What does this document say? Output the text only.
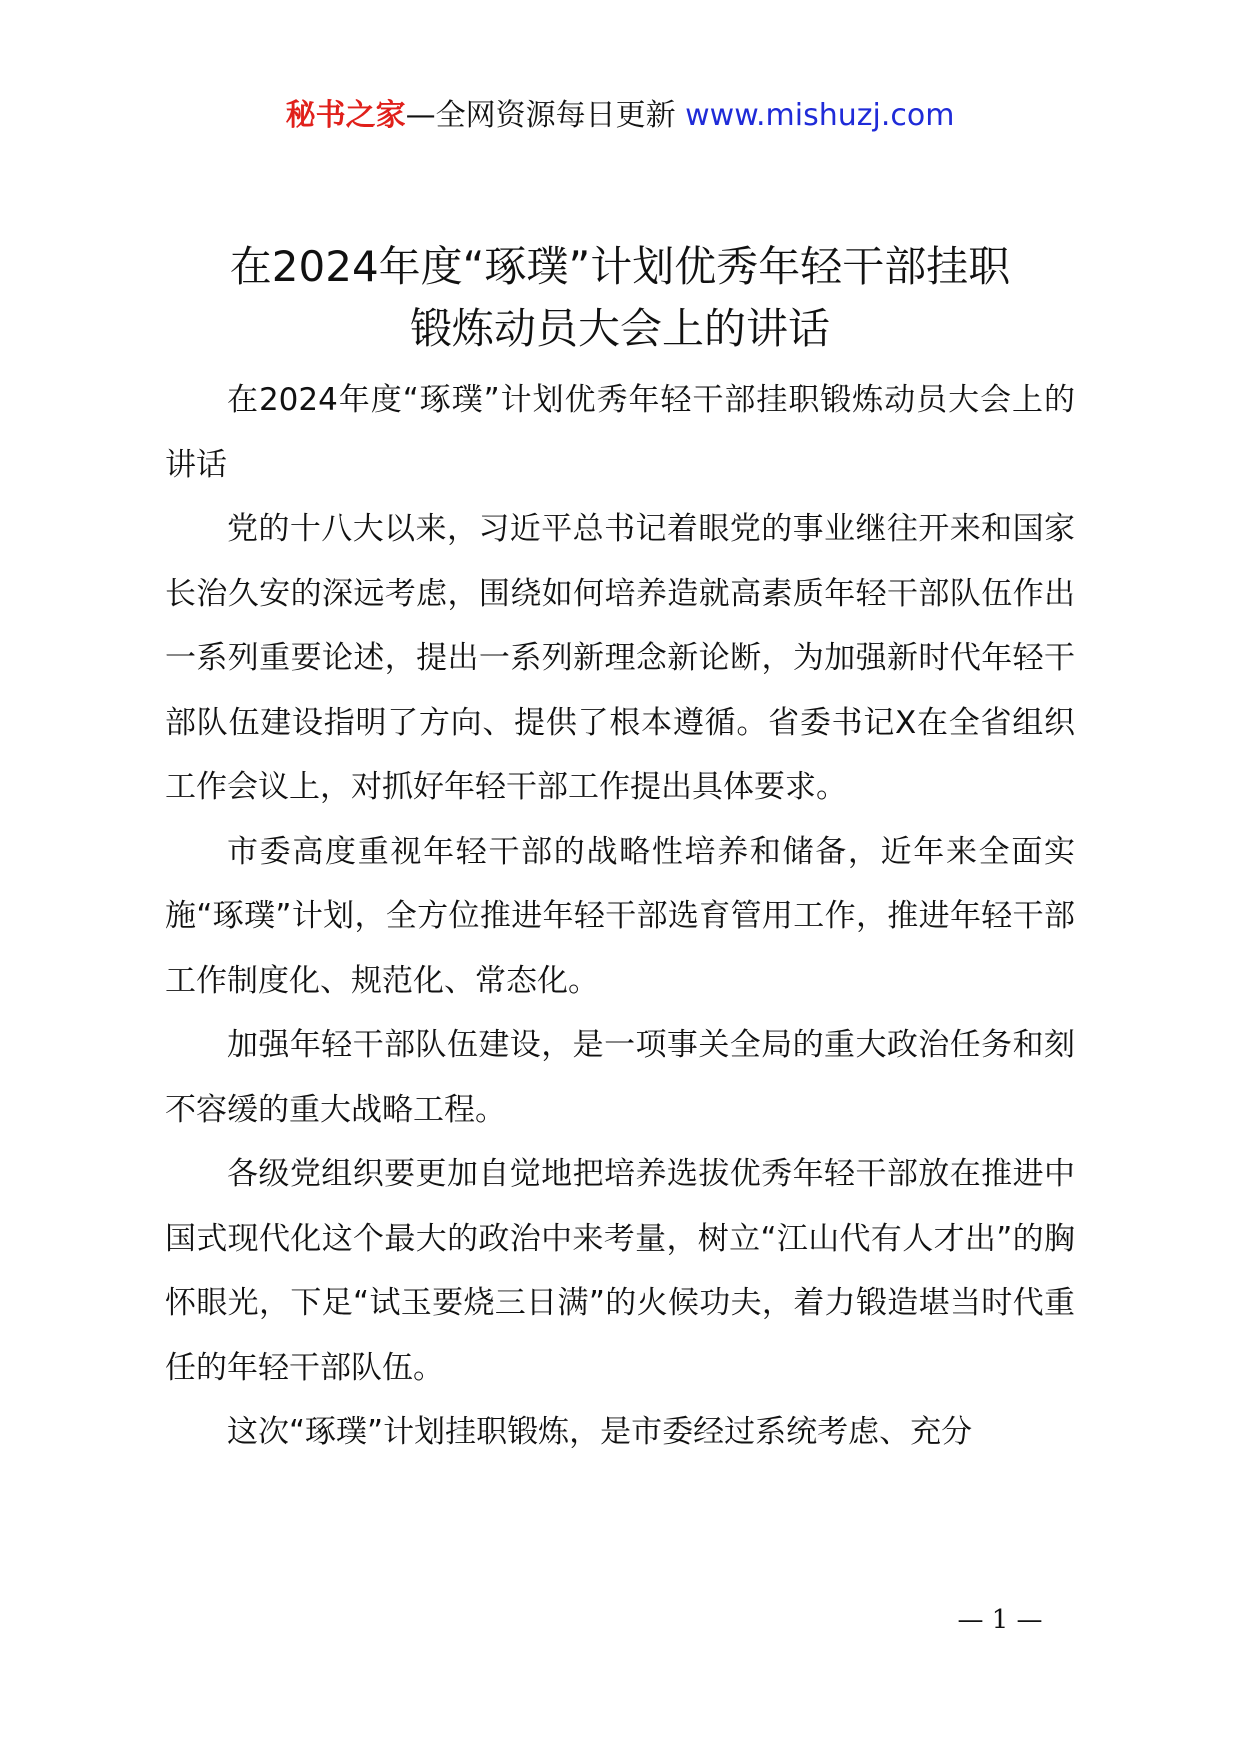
秘书之家—全网资源每日更新 www.mishuzj.com
在2024年度“琢璞”计划优秀年轻干部挂职
锻炼动员大会上的讲话

在2024年度“琢璞”计划优秀年轻干部挂职锻炼动员大会上的讲话

党的十八大以来，习近平总书记着眼党的事业继往开来和国家长治久安的深远考虑，围绕如何培养造就高素质年轻干部队伍作出一系列重要论述，提出一系列新理念新论断，为加强新时代年轻干部队伍建设指明了方向、提供了根本遵循。省委书记X在全省组织工作会议上，对抓好年轻干部工作提出具体要求。

市委高度重视年轻干部的战略性培养和储备，近年来全面实施“琢璞”计划，全方位推进年轻干部选育管用工作，推进年轻干部工作制度化、规范化、常态化。

加强年轻干部队伍建设，是一项事关全局的重大政治任务和刻不容缓的重大战略工程。

各级党组织要更加自觉地把培养选拔优秀年轻干部放在推进中国式现代化这个最大的政治中来考量，树立“江山代有人才出”的胸怀眼光，下足“试玉要烧三日满”的火候功夫，着力锻造堪当时代重任的年轻干部队伍。

这次“琢璞”计划挂职锻炼，是市委经过系统考虑、充分

— 1 —
